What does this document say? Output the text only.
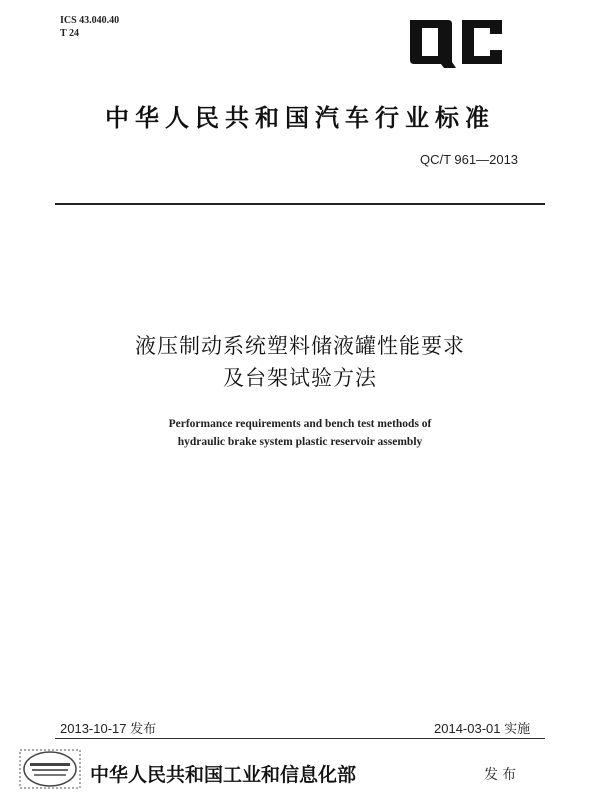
ICS 43.040.40
T 24
中华人民共和国汽车行业标准
QC/T 961—2013
液压制动系统塑料储液罐性能要求
及台架试验方法
Performance requirements and bench test methods of
hydraulic brake system plastic reservoir assembly
2013-10-17 发布	2014-03-01 实施
中华人民共和国工业和信息化部	发布
